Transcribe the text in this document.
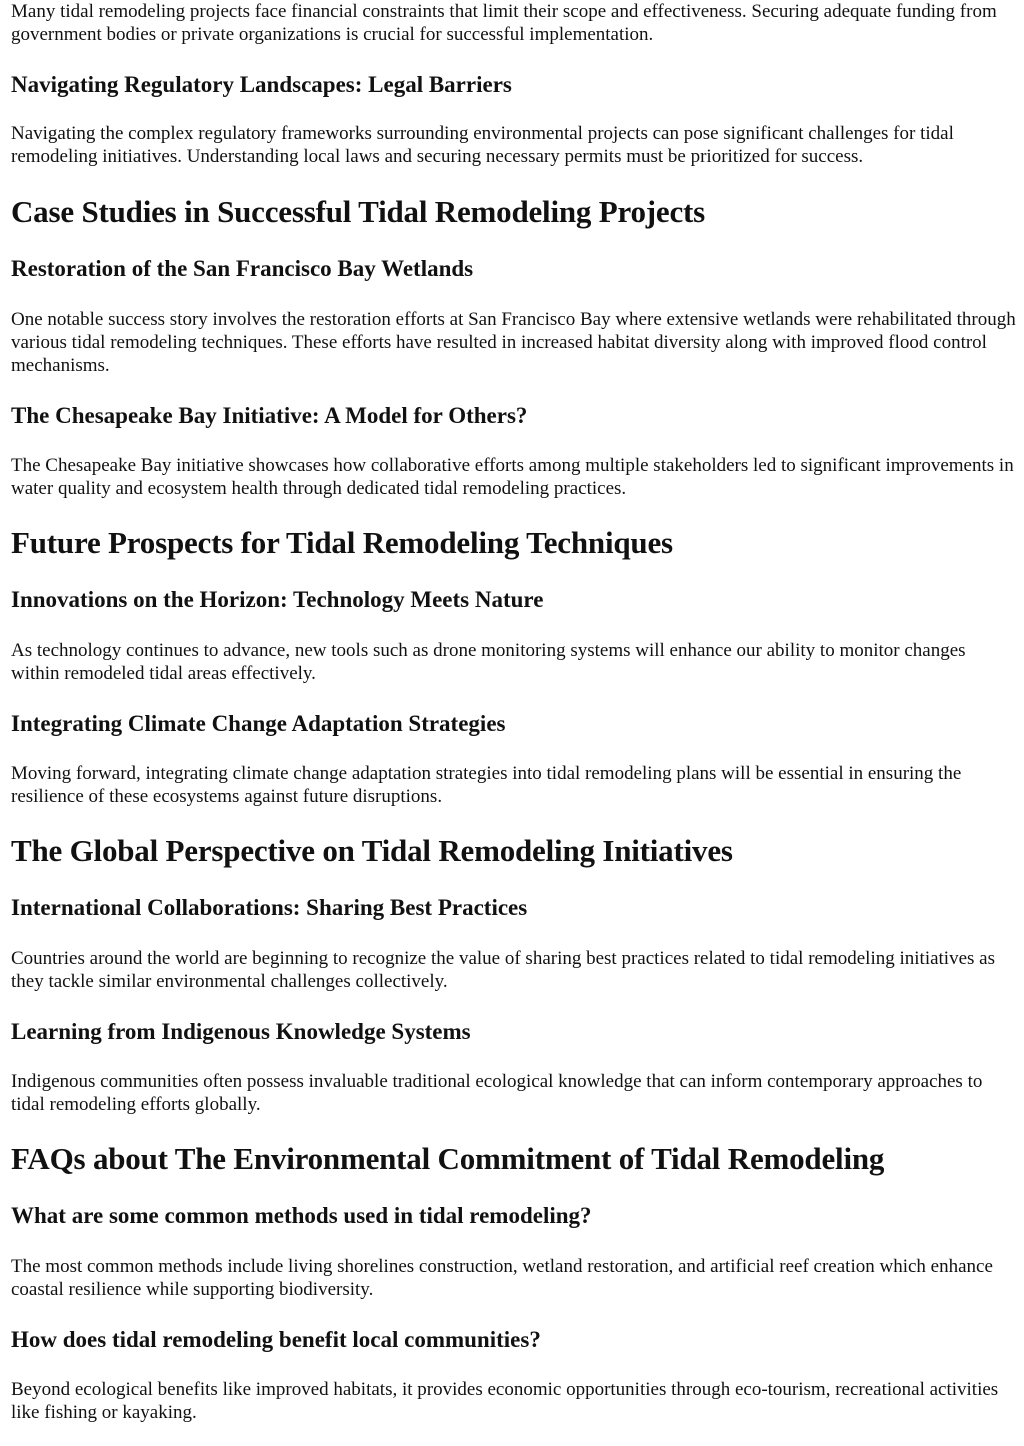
Many tidal remodeling projects face financial constraints that limit their scope and effectiveness. Securing adequate funding from government bodies or private organizations is crucial for successful implementation.

Navigating Regulatory Landscapes: Legal Barriers

Navigating the complex regulatory frameworks surrounding environmental projects can pose significant challenges for tidal remodeling initiatives. Understanding local laws and securing necessary permits must be prioritized for success.

Case Studies in Successful Tidal Remodeling Projects
Restoration of the San Francisco Bay Wetlands

One notable success story involves the restoration efforts at San Francisco Bay where extensive wetlands were rehabilitated through various tidal remodeling techniques. These efforts have resulted in increased habitat diversity along with improved flood control mechanisms.

The Chesapeake Bay Initiative: A Model for Others?

The Chesapeake Bay initiative showcases how collaborative efforts among multiple stakeholders led to significant improvements in water quality and ecosystem health through dedicated tidal remodeling practices.

Future Prospects for Tidal Remodeling Techniques
Innovations on the Horizon: Technology Meets Nature

As technology continues to advance, new tools such as drone monitoring systems will enhance our ability to monitor changes within remodeled tidal areas effectively.

Integrating Climate Change Adaptation Strategies

Moving forward, integrating climate change adaptation strategies into tidal remodeling plans will be essential in ensuring the resilience of these ecosystems against future disruptions.

The Global Perspective on Tidal Remodeling Initiatives
International Collaborations: Sharing Best Practices

Countries around the world are beginning to recognize the value of sharing best practices related to tidal remodeling initiatives as they tackle similar environmental challenges collectively.

Learning from Indigenous Knowledge Systems

Indigenous communities often possess invaluable traditional ecological knowledge that can inform contemporary approaches to tidal remodeling efforts globally.

FAQs about The Environmental Commitment of Tidal Remodeling
What are some common methods used in tidal remodeling?

The most common methods include living shorelines construction, wetland restoration, and artificial reef creation which enhance coastal resilience while supporting biodiversity.

How does tidal remodeling benefit local communities?

Beyond ecological benefits like improved habitats, it provides economic opportunities through eco-tourism, recreational activities like fishing or kayaking.
